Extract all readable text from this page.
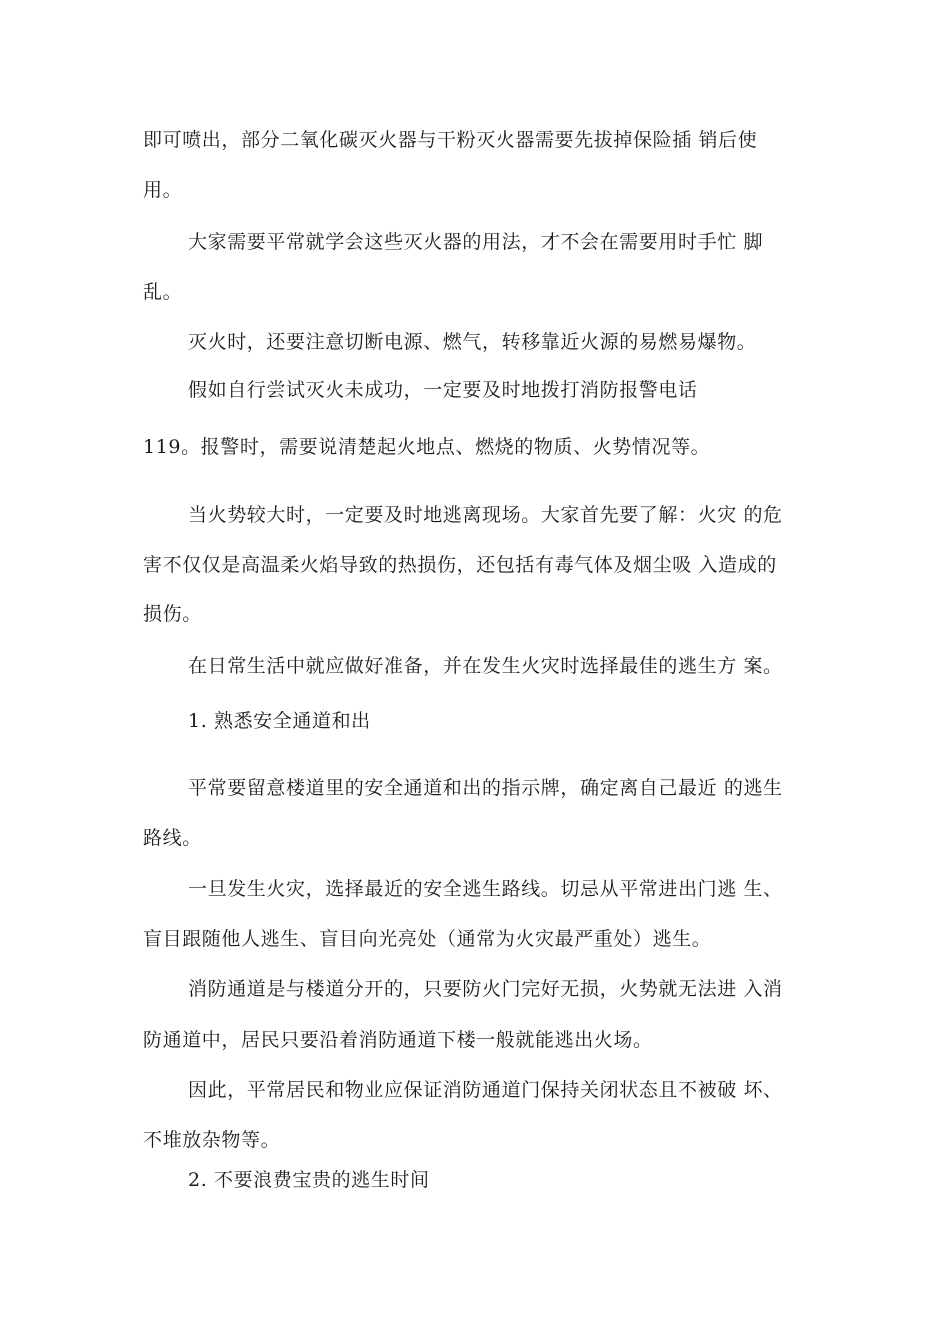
即可喷出，部分二氧化碳灭火器与干粉灭火器需要先拔掉保险插 销后使
用。
大家需要平常就学会这些灭火器的用法，才不会在需要用时手忙 脚
乱。
灭火时，还要注意切断电源、燃气，转移靠近火源的易燃易爆物。
假如自行尝试灭火未成功，一定要及时地拨打消防报警电话
119。报警时，需要说清楚起火地点、燃烧的物质、火势情况等。
当火势较大时，一定要及时地逃离现场。大家首先要了解：火灾 的危
害不仅仅是高温柔火焰导致的热损伤，还包括有毒气体及烟尘吸 入造成的
损伤。
在日常生活中就应做好准备，并在发生火灾时选择最佳的逃生方 案。
1. 熟悉安全通道和出
平常要留意楼道里的安全通道和出的指示牌，确定离自己最近 的逃生
路线。
一旦发生火灾，选择最近的安全逃生路线。切忌从平常进出门逃 生、
盲目跟随他人逃生、盲目向光亮处（通常为火灾最严重处）逃生。
消防通道是与楼道分开的，只要防火门完好无损，火势就无法进 入消
防通道中，居民只要沿着消防通道下楼一般就能逃出火场。
因此，平常居民和物业应保证消防通道门保持关闭状态且不被破 坏、
不堆放杂物等。
2. 不要浪费宝贵的逃生时间
